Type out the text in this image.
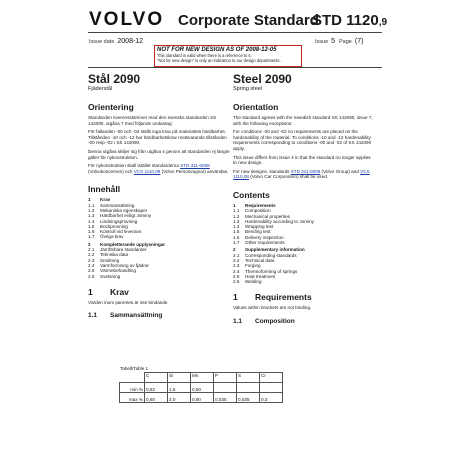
VOLVO Corporate Standard
STD 1120,9
Issue date 2008-12	Issue 5 Page (7)
NOT FOR NEW DESIGN AS OF 2008-12-05
This standard is valid when there is a reference to it.
"Not for new design" is only an indication to our design departments.
Stål 2090
Fjäderstål
Orientering
Standarden överensstämmer med den svenska standarden SS 142090, utgåva 7 med följande undantag:
För fallanden -00 och -02 ställs inga krav på materialets härdbarhet. Tillstånden -10 och -12 har härdbarhetskrav motsvarande tillstånden -00 resp -02 i SS 142090.
Denna utgåva skiljer sig från utgåva 4 genom att standarden ej längre gäller för nykonstruktion.
För nykonstruktion skall istället standarderna STD 311-0008 (Volvokoncernen) och VCS 1110,08 (Volvo Personvagnar) användas.
Innehåll
1 Krav
1.1 Sammansättning
1.2 Mekaniska egenskaper
1.3 Härdbarhet enligt Jominy
1.4 Lindningsprovning
1.5 Bockprovning
1.6 Kontroll vid leverans
1.7 Övriga krav
2 Kompletterande upplysningar
2.1 Jämförbara standarder
2.2 Tekniska data
2.3 Smidning
2.4 Varmformning av fjädrar
2.5 Värmebehandling
2.6 Svetsning
1 Krav
Värden inom parentes är inte bindande.
1.1 Sammansättning
Steel 2090
Spring steel
Orientation
The standard agrees with the Swedish standard SS 142090, issue 7, with the following exceptions:
For conditions -00 and -02 no requirements are placed on the hardenability of the material. To conditions -10 and -12 hardenability requirements corresponding to conditions -00 and -02 of SS 142090 apply.
This issue differs from issue 4 in that the standard no longer applies to new design.
For new designs, standards STD 311-0008 (Volvo Group) and VCS 1110,08 (Volvo Car Corporation) shall be used.
Contents
1 Requirements
1.1 Composition
1.2 Mechanical properties
1.3 Hardenability according to Jominy
1.4 Wrapping test
1.5 Bending test
1.6 Delivery inspection
1.7 Other requirements
2 Supplementary information
2.1 Corresponding standards
2.2 Technical data
2.3 Forging
2.4 Thermoforming of springs
2.5 Heat treatment
2.6 Welding
1 Requirements
Values within brackets are not binding.
1.1 Composition
Tabell/Table 1
	C	Si	Mn	P	S	Cr
min %	0,52	1,5	0,60			
max %	0,60	2,0	0,90	0,035	0,035	0,3
